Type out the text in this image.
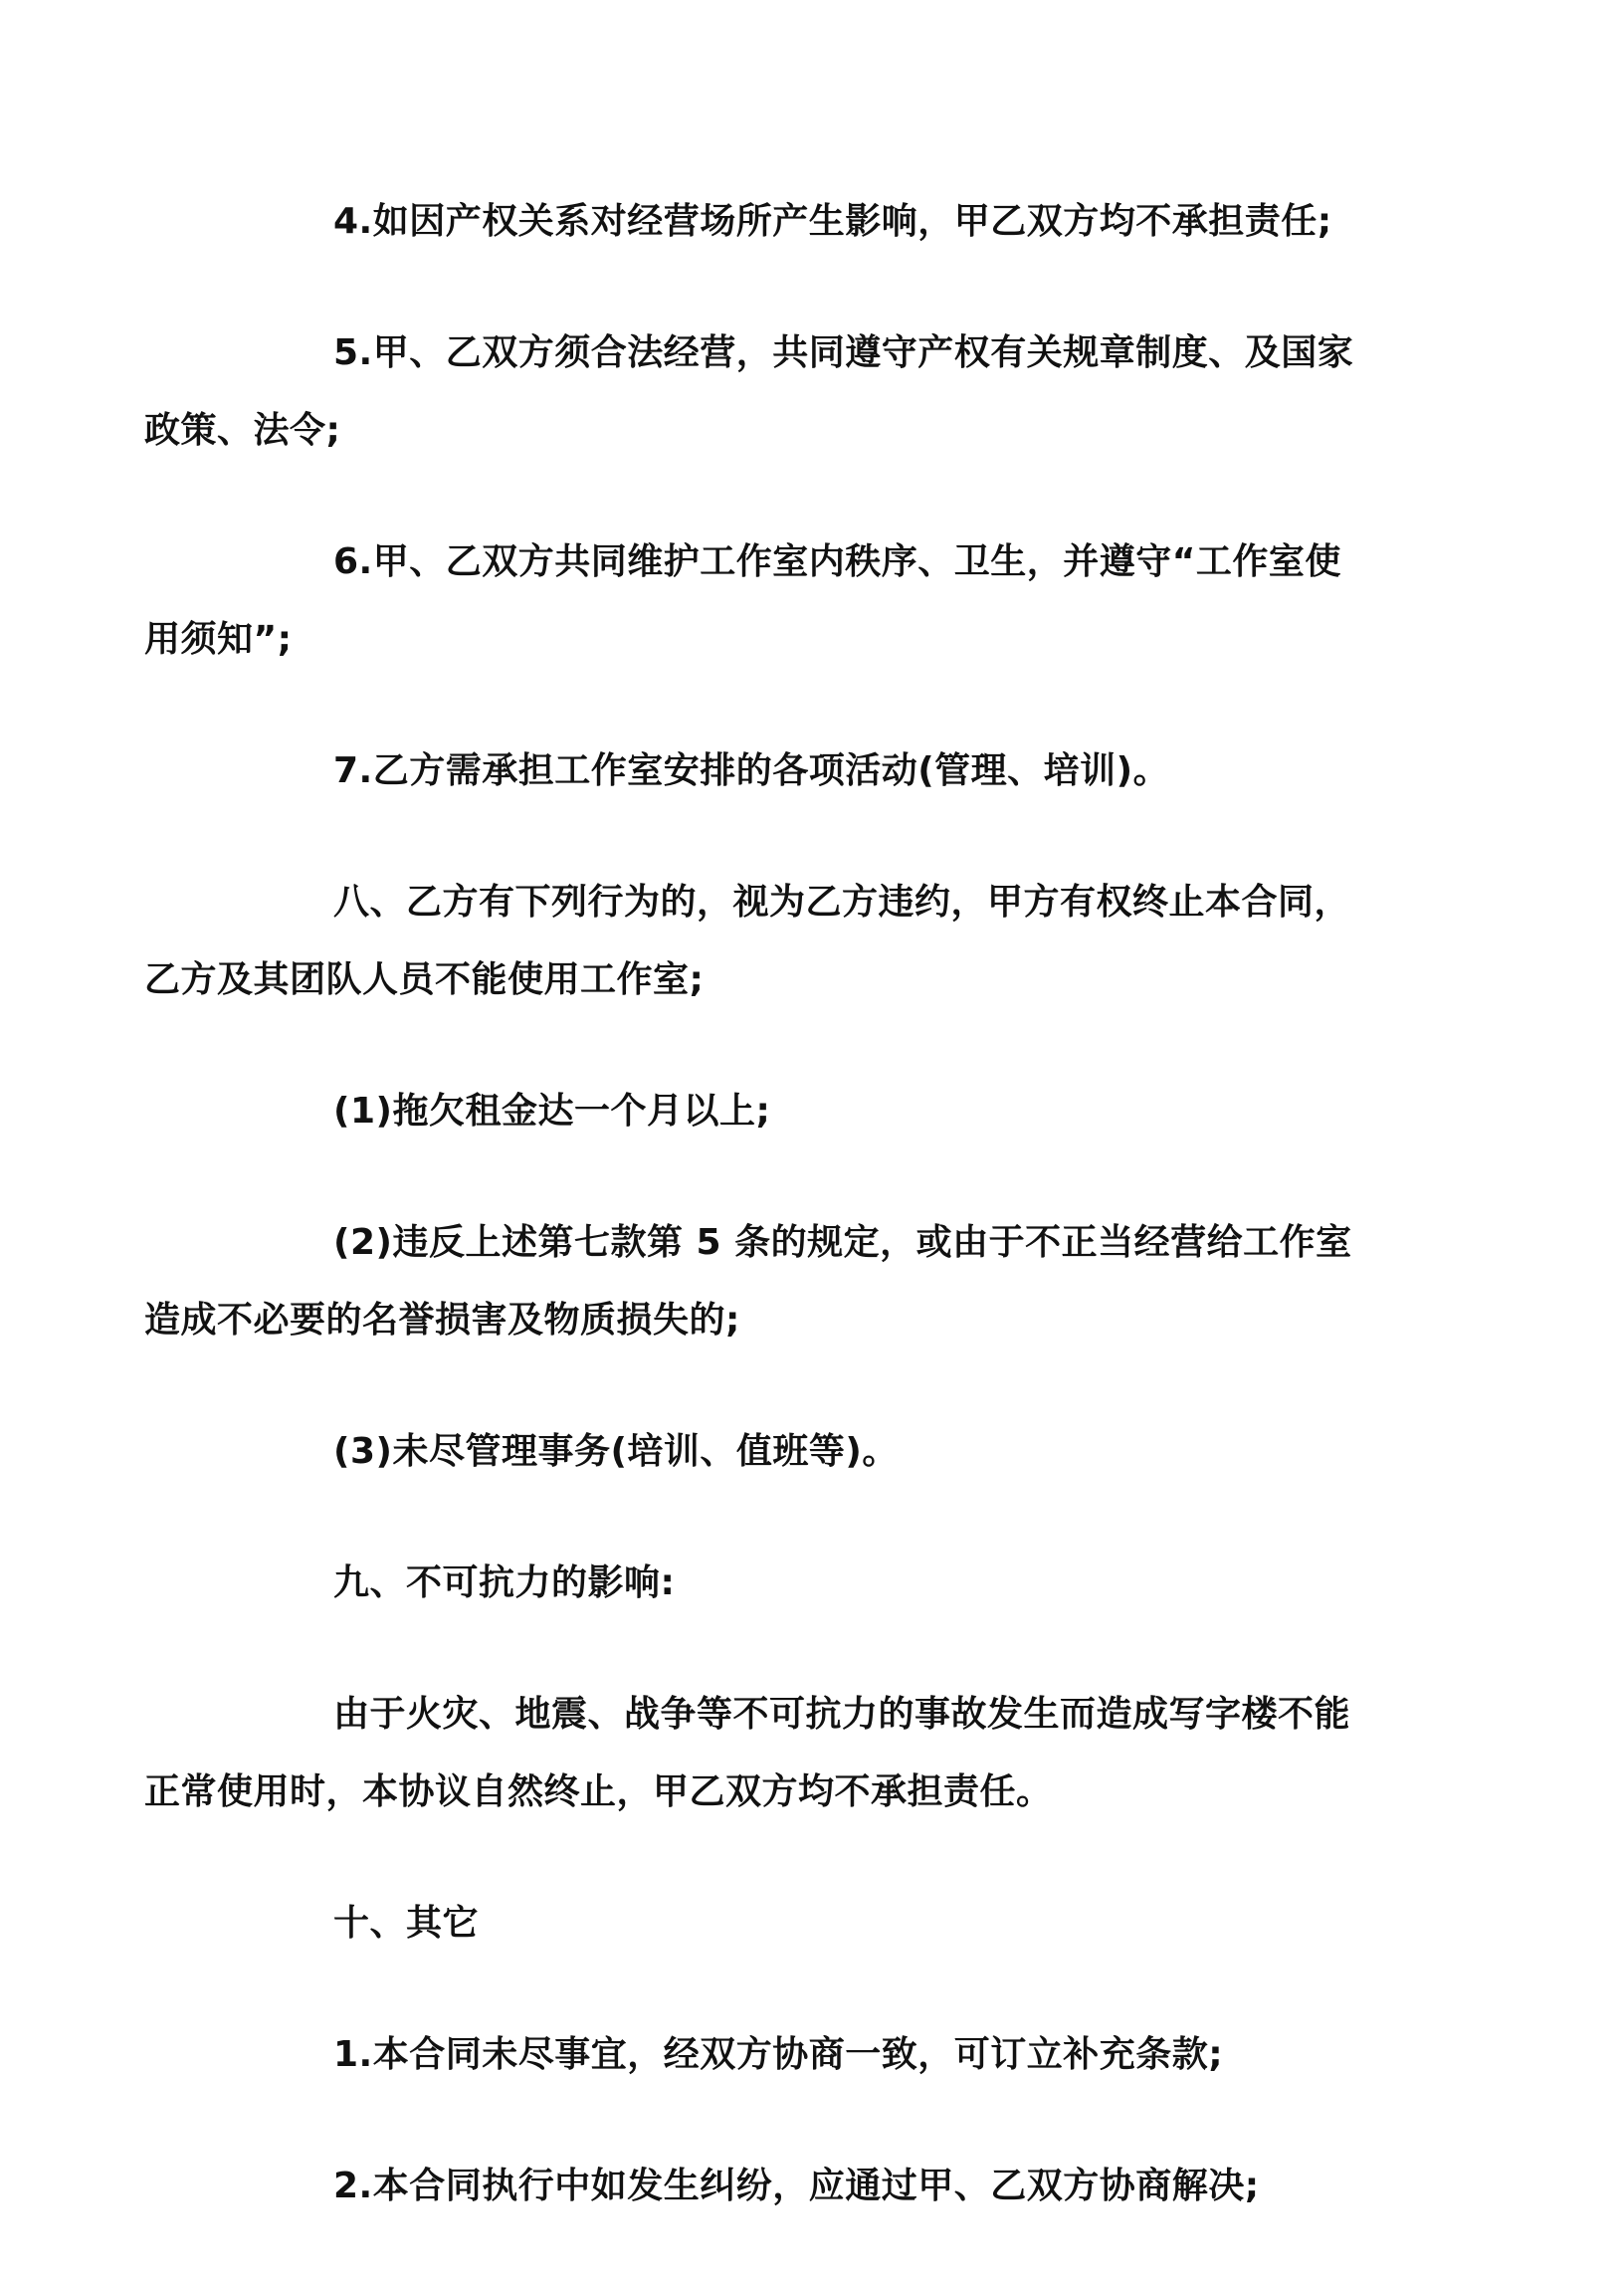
4.如因产权关系对经营场所产生影响，甲乙双方均不承担责任;

5.甲、乙双方须合法经营，共同遵守产权有关规章制度、及国家
政策、法令;

6.甲、乙双方共同维护工作室内秩序、卫生，并遵守“工作室使
用须知”;

7.乙方需承担工作室安排的各项活动(管理、培训)。

八、乙方有下列行为的，视为乙方违约，甲方有权终止本合同，
乙方及其团队人员不能使用工作室;

(1)拖欠租金达一个月以上;

(2)违反上述第七款第 5 条的规定，或由于不正当经营给工作室
造成不必要的名誉损害及物质损失的;

(3)未尽管理事务(培训、值班等)。

九、不可抗力的影响:

由于火灾、地震、战争等不可抗力的事故发生而造成写字楼不能
正常使用时，本协议自然终止，甲乙双方均不承担责任。

十、其它

1.本合同未尽事宜，经双方协商一致，可订立补充条款;

2.本合同执行中如发生纠纷，应通过甲、乙双方协商解决;
